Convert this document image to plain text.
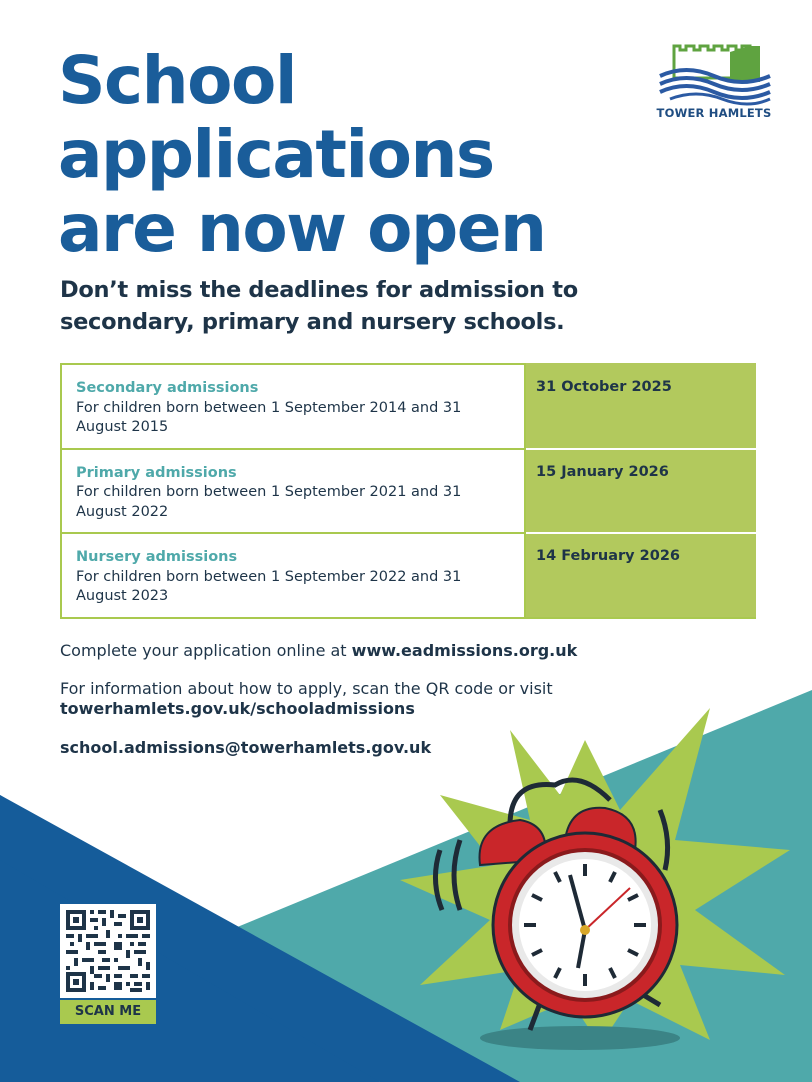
School
applications
are now open
TOWER HAMLETS

Don’t miss the deadlines for admission to secondary, primary and nursery schools.

Secondary admissions
For children born between 1 September 2014 and 31 August 2015	31 October 2025

Primary admissions
For children born between 1 September 2021 and 31 August 2022	15 January 2026

Nursery admissions
For children born between 1 September 2022 and 31 August 2023	14 February 2026

Complete your application online at www.eadmissions.org.uk

For information about how to apply, scan the QR code or visit
towerhamlets.gov.uk/schooladmissions

school.admissions@towerhamlets.gov.uk

SCAN ME
